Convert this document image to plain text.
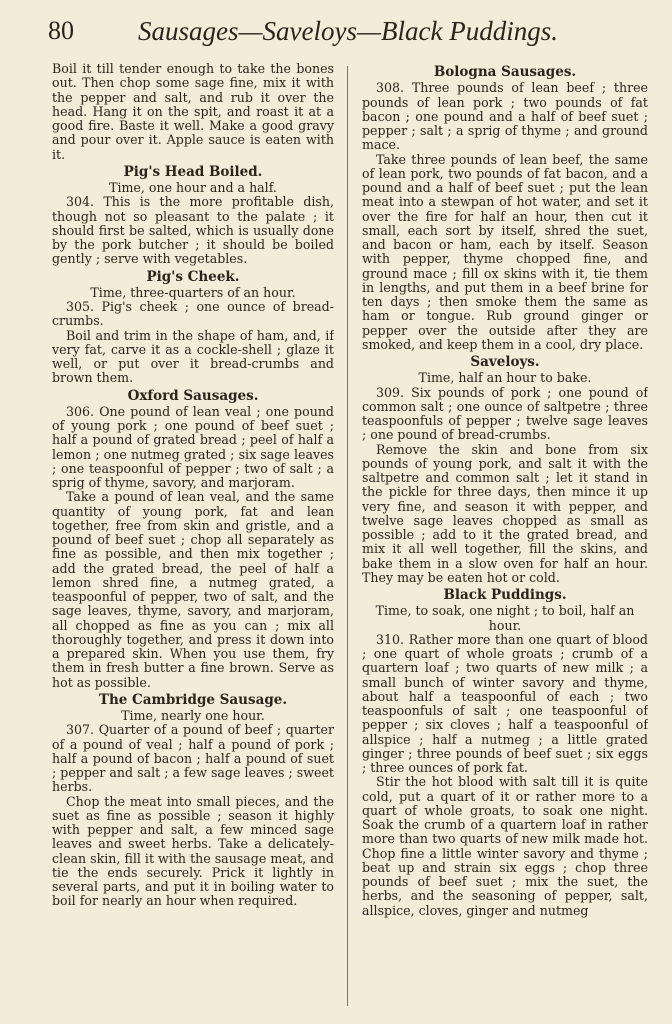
80	Sausages—Saveloys—Black Puddings.

Boil it till tender enough to take the bones out. Then chop some sage fine, mix it with the pepper and salt, and rub it over the head. Hang it on the spit, and roast it at a good fire. Baste it well. Make a good gravy and pour over it. Apple sauce is eaten with it.

Pig's Head Boiled.

Time, one hour and a half.

304. This is the more profitable dish, though not so pleasant to the palate ; it should first be salted, which is usually done by the pork butcher ; it should be boiled gently ; serve with vegetables.

Pig's Cheek.

Time, three-quarters of an hour.

305. Pig's cheek ; one ounce of bread-crumbs.

Boil and trim in the shape of ham, and, if very fat, carve it as a cockle-shell ; glaze it well, or put over it bread-crumbs and brown them.

Oxford Sausages.

306. One pound of lean veal ; one pound of young pork ; one pound of beef suet ; half a pound of grated bread ; peel of half a lemon ; one nutmeg grated ; six sage leaves ; one teaspoonful of pepper ; two of salt ; a sprig of thyme, savory, and marjoram.

Take a pound of lean veal, and the same quantity of young pork, fat and lean together, free from skin and gristle, and a pound of beef suet ; chop all separately as fine as possible, and then mix together ; add the grated bread, the peel of half a lemon shred fine, a nutmeg grated, a teaspoonful of pepper, two of salt, and the sage leaves, thyme, savory, and marjoram, all chopped as fine as you can ; mix all thoroughly together, and press it down into a prepared skin. When you use them, fry them in fresh butter a fine brown. Serve as hot as possible.

The Cambridge Sausage.

Time, nearly one hour.

307. Quarter of a pound of beef ; quarter of a pound of veal ; half a pound of pork ; half a pound of bacon ; half a pound of suet ; pepper and salt ; a few sage leaves ; sweet herbs.

Chop the meat into small pieces, and the suet as fine as possible ; season it highly with pepper and salt, a few minced sage leaves and sweet herbs. Take a delicately-clean skin, fill it with the sausage meat, and tie the ends securely. Prick it lightly in several parts, and put it in boiling water to boil for nearly an hour when required.

Bologna Sausages.

308. Three pounds of lean beef ; three pounds of lean pork ; two pounds of fat bacon ; one pound and a half of beef suet ; pepper ; salt ; a sprig of thyme ; and ground mace.

Take three pounds of lean beef, the same of lean pork, two pounds of fat bacon, and a pound and a half of beef suet ; put the lean meat into a stewpan of hot water, and set it over the fire for half an hour, then cut it small, each sort by itself, shred the suet, and bacon or ham, each by itself. Season with pepper, thyme chopped fine, and ground mace ; fill ox skins with it, tie them in lengths, and put them in a beef brine for ten days ; then smoke them the same as ham or tongue. Rub ground ginger or pepper over the outside after they are smoked, and keep them in a cool, dry place.

Saveloys.

Time, half an hour to bake.

309. Six pounds of pork ; one pound of common salt ; one ounce of saltpetre ; three teaspoonfuls of pepper ; twelve sage leaves ; one pound of bread-crumbs.

Remove the skin and bone from six pounds of young pork, and salt it with the saltpetre and common salt ; let it stand in the pickle for three days, then mince it up very fine, and season it with pepper, and twelve sage leaves chopped as small as possible ; add to it the grated bread, and mix it all well together, fill the skins, and bake them in a slow oven for half an hour. They may be eaten hot or cold.

Black Puddings.

Time, to soak, one night ; to boil, half an hour.

310. Rather more than one quart of blood ; one quart of whole groats ; crumb of a quartern loaf ; two quarts of new milk ; a small bunch of winter savory and thyme, about half a teaspoonful of each ; two teaspoonfuls of salt ; one teaspoonful of pepper ; six cloves ; half a teaspoonful of allspice ; half a nutmeg ; a little grated ginger ; three pounds of beef suet ; six eggs ; three ounces of pork fat.

Stir the hot blood with salt till it is quite cold, put a quart of it or rather more to a quart of whole groats, to soak one night. Soak the crumb of a quartern loaf in rather more than two quarts of new milk made hot. Chop fine a little winter savory and thyme ; beat up and strain six eggs ; chop three pounds of beef suet ; mix the suet, the herbs, and the seasoning of pepper, salt, allspice, cloves, ginger and nutmeg
